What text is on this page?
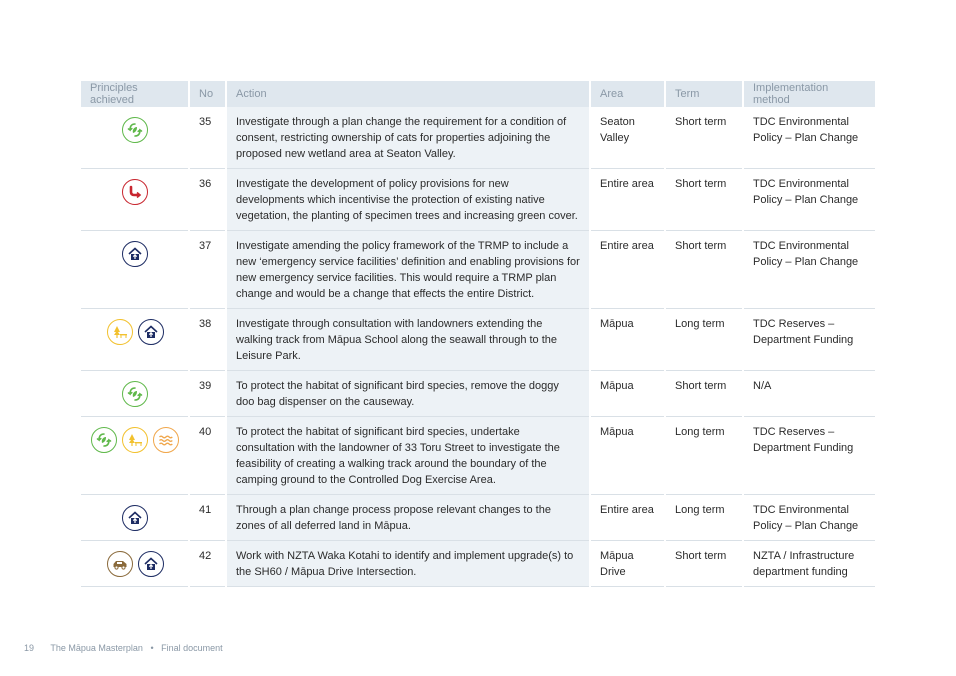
Principles achieved	No	Action	Area	Term	Implementation method

	35	Investigate through a plan change the requirement for a condition of consent, restricting ownership of cats for properties adjoining the proposed new wetland area at Seaton Valley.	Seaton Valley	Short term	TDC Environmental Policy – Plan Change

	36	Investigate the development of policy provisions for new developments which incentivise the protection of existing native vegetation, the planting of specimen trees and increasing green cover.	Entire area	Short term	TDC Environmental Policy – Plan Change

	37	Investigate amending the policy framework of the TRMP to include a new ‘emergency service facilities’ definition and enabling provisions for new emergency service facilities. This would require a TRMP plan change and would be a change that effects the entire District.	Entire area	Short term	TDC Environmental Policy – Plan Change

	38	Investigate through consultation with landowners extending the walking track from Māpua School along the seawall through to the Leisure Park.	Māpua	Long term	TDC Reserves – Department Funding

	39	To protect the habitat of significant bird species, remove the doggy doo bag dispenser on the causeway.	Māpua	Short term	N/A

	40	To protect the habitat of significant bird species, undertake consultation with the landowner of 33 Toru Street to investigate the feasibility of creating a walking track around the boundary of the camping ground to the Controlled Dog Exercise Area.	Māpua	Long term	TDC Reserves – Department Funding

	41	Through a plan change process propose relevant changes to the zones of all deferred land in Māpua.	Entire area	Long term	TDC Environmental Policy – Plan Change

	42	Work with NZTA Waka Kotahi to identify and implement upgrade(s) to the SH60 / Māpua Drive Intersection.	Māpua Drive	Short term	NZTA / Infrastructure department funding
19 The Māpua Masterplan • Final document
